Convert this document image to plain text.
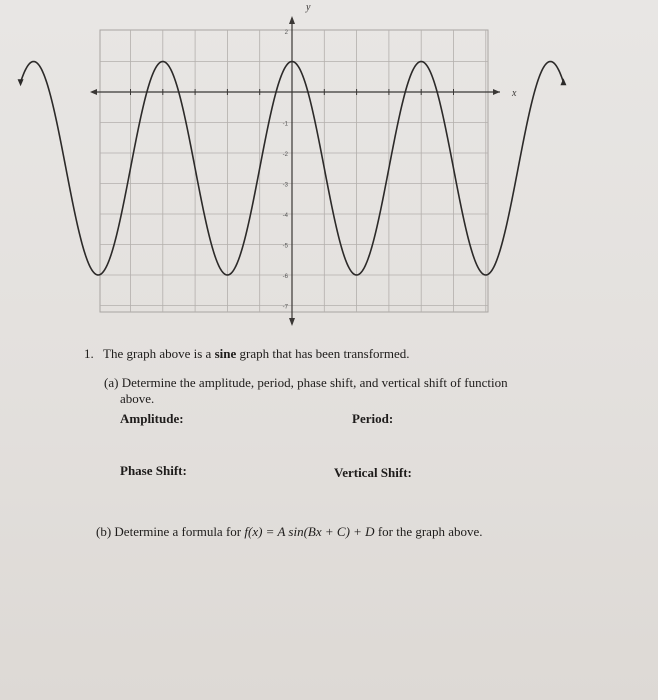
x
y
2
-1
-2
-3
-4
-5
-6
-7
1. The graph above is a sine graph that has been transformed.
(a) Determine the amplitude, period, phase shift, and vertical shift of function
above.
Amplitude:	Period:
Phase Shift:	Vertical Shift:
(b) Determine a formula for f(x) = A sin(Bx + C) + D for the graph above.
